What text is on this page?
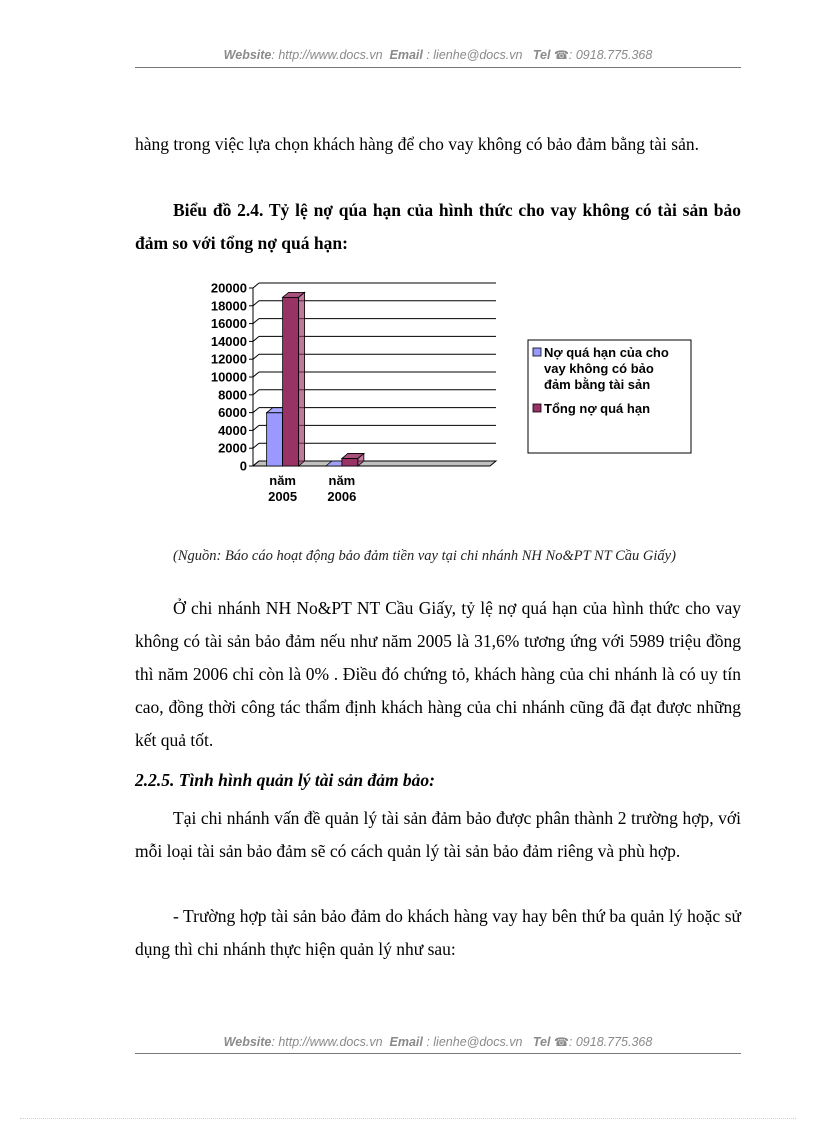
Website: http://www.docs.vn Email : lienhe@docs.vn Tel ☎: 0918.775.368
hàng trong việc lựa chọn khách hàng để cho vay không có bảo đảm bằng tài sản.
Biểu đồ 2.4. Tỷ lệ nợ qúa hạn của hình thức cho vay không có tài sản bảo đảm so với tổng nợ quá hạn:
0
2000
4000
6000
8000
10000
12000
14000
16000
18000
20000
năm
2005
năm
2006
Nợ quá hạn của cho
vay không có bảo
đảm bằng tài sản
Tổng nợ quá hạn
(Nguồn: Báo cáo hoạt động bảo đảm tiền vay tại chi nhánh NH No&PT NT Cầu Giấy)
Ở chi nhánh NH No&PT NT Cầu Giấy, tỷ lệ nợ quá hạn của hình thức cho vay không có tài sản bảo đảm nếu như năm 2005 là 31,6% tương ứng với 5989 triệu đồng thì năm 2006 chỉ còn là 0% . Điều đó chứng tỏ, khách hàng của chi nhánh là có uy tín cao, đồng thời công tác thẩm định khách hàng của chi nhánh cũng đã đạt được những kết quả tốt.
2.2.5. Tình hình quản lý tài sản đảm bảo:
Tại chi nhánh vấn đề quản lý tài sản đảm bảo được phân thành 2 trường hợp, với mỗi loại tài sản bảo đảm sẽ có cách quản lý tài sản bảo đảm riêng và phù hợp.
- Trường hợp tài sản bảo đảm do khách hàng vay hay bên thứ ba quản lý hoặc sử dụng thì chi nhánh thực hiện quản lý như sau:
Website: http://www.docs.vn Email : lienhe@docs.vn Tel ☎: 0918.775.368
